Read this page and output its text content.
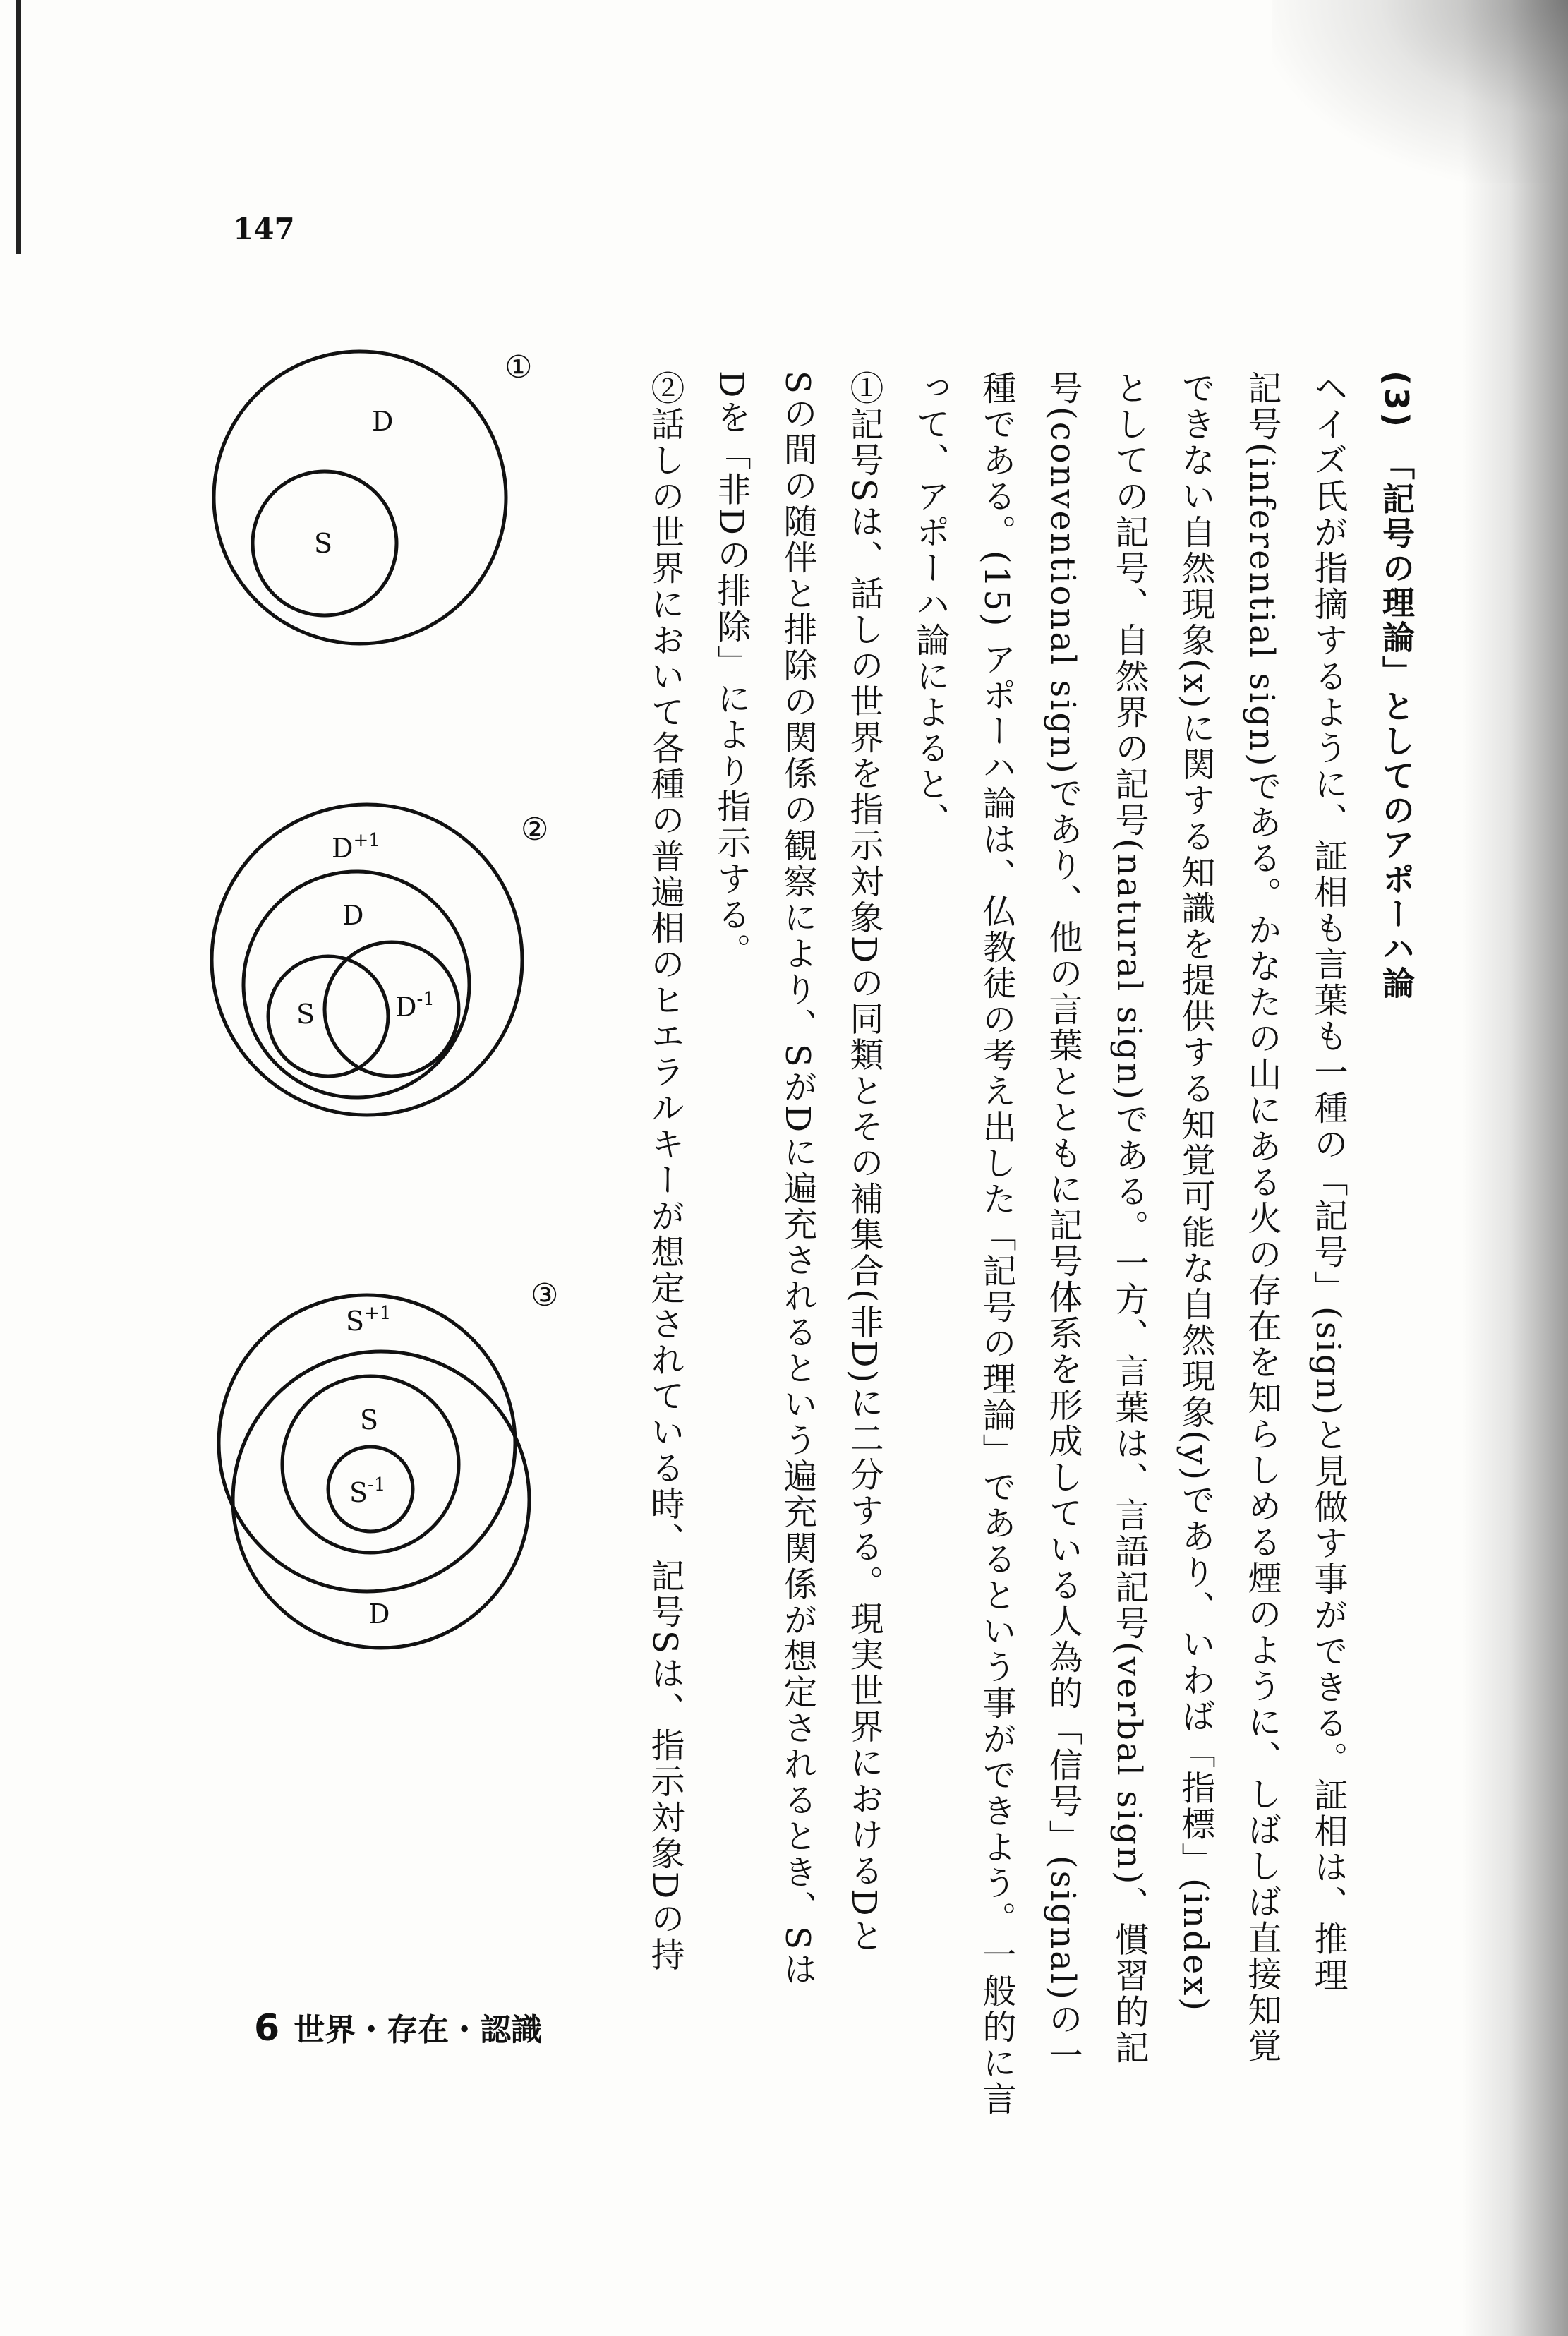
147
(3)　「記号の理論」としてのアポーハ論
ヘイズ氏が指摘するように、証相も言葉も一種の「記号」(sign)と見做す事ができる。証相は、推理
記号(inferential sign)である。かなたの山にある火の存在を知らしめる煙のように、しばしば直接知覚
できない自然現象(x)に関する知識を提供する知覚可能な自然現象(y)であり、いわば「指標」(index)
としての記号、自然界の記号(natural sign)である。一方、言葉は、言語記号(verbal sign)、慣習的記
号(conventional sign)であり、他の言葉とともに記号体系を形成している人為的「信号」(signal)の一
種である。(15) アポーハ論は、仏教徒の考え出した「記号の理論」であるという事ができよう。一般的に言
って、アポーハ論によると、
①記号Sは、話しの世界を指示対象Dの同類とその補集合(非D)に二分する。現実世界におけるDと
Sの間の随伴と排除の関係の観察により、SがDに遍充されるという遍充関係が想定されるとき、Sは
Dを「非Dの排除」により指示する。
②話しの世界において各種の普遍相のヒエラルキーが想定されている時、記号Sは、指示対象Dの持
①
D
S
②
$D^{+1}$
D
S	$D^{-1}$
③
$S^{+1}$
S
$S^{-1}$
D
6 世界・存在・認識
